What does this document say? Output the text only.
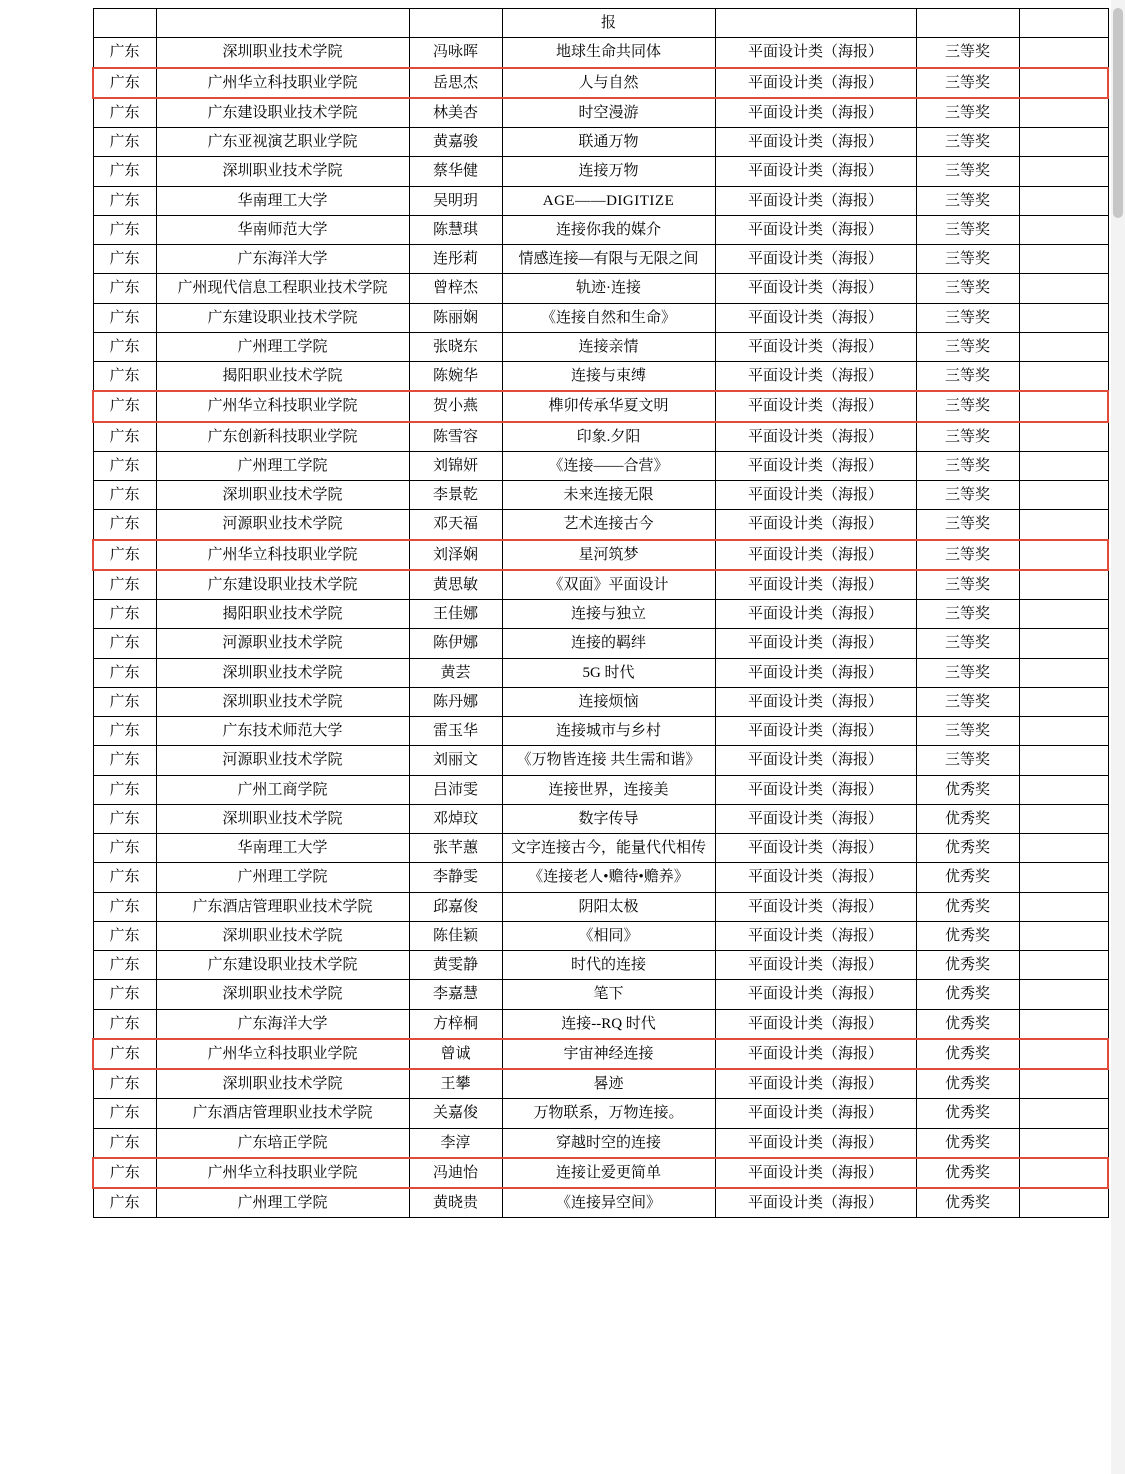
			报			
广东	深圳职业技术学院	冯咏晖	地球生命共同体	平面设计类（海报）	三等奖	
广东	广州华立科技职业学院	岳思杰	人与自然	平面设计类（海报）	三等奖	
广东	广东建设职业技术学院	林美杏	时空漫游	平面设计类（海报）	三等奖	
广东	广东亚视演艺职业学院	黄嘉骏	联通万物	平面设计类（海报）	三等奖	
广东	深圳职业技术学院	蔡华健	连接万物	平面设计类（海报）	三等奖	
广东	华南理工大学	吴明玥	AGE——DIGITIZE	平面设计类（海报）	三等奖	
广东	华南师范大学	陈慧琪	连接你我的媒介	平面设计类（海报）	三等奖	
广东	广东海洋大学	连彤莉	情感连接—有限与无限之间	平面设计类（海报）	三等奖	
广东	广州现代信息工程职业技术学院	曾梓杰	轨迹·连接	平面设计类（海报）	三等奖	
广东	广东建设职业技术学院	陈丽娴	《连接自然和生命》	平面设计类（海报）	三等奖	
广东	广州理工学院	张晓东	连接亲情	平面设计类（海报）	三等奖	
广东	揭阳职业技术学院	陈婉华	连接与束缚	平面设计类（海报）	三等奖	
广东	广州华立科技职业学院	贺小燕	榫卯传承华夏文明	平面设计类（海报）	三等奖	
广东	广东创新科技职业学院	陈雪容	印象.夕阳	平面设计类（海报）	三等奖	
广东	广州理工学院	刘锦妍	《连接——合营》	平面设计类（海报）	三等奖	
广东	深圳职业技术学院	李景乾	未来连接无限	平面设计类（海报）	三等奖	
广东	河源职业技术学院	邓天福	艺术连接古今	平面设计类（海报）	三等奖	
广东	广州华立科技职业学院	刘泽娴	星河筑梦	平面设计类（海报）	三等奖	
广东	广东建设职业技术学院	黄思敏	《双面》平面设计	平面设计类（海报）	三等奖	
广东	揭阳职业技术学院	王佳娜	连接与独立	平面设计类（海报）	三等奖	
广东	河源职业技术学院	陈伊娜	连接的羁绊	平面设计类（海报）	三等奖	
广东	深圳职业技术学院	黄芸	5G 时代	平面设计类（海报）	三等奖	
广东	深圳职业技术学院	陈丹娜	连接烦恼	平面设计类（海报）	三等奖	
广东	广东技术师范大学	雷玉华	连接城市与乡村	平面设计类（海报）	三等奖	
广东	河源职业技术学院	刘丽文	《万物皆连接 共生需和谐》	平面设计类（海报）	三等奖	
广东	广州工商学院	吕沛雯	连接世界，连接美	平面设计类（海报）	优秀奖	
广东	深圳职业技术学院	邓焯玟	数字传导	平面设计类（海报）	优秀奖	
广东	华南理工大学	张芊蕙	文字连接古今，能量代代相传	平面设计类（海报）	优秀奖	
广东	广州理工学院	李静雯	《连接老人•赡待•赡养》	平面设计类（海报）	优秀奖	
广东	广东酒店管理职业技术学院	邱嘉俊	阴阳太极	平面设计类（海报）	优秀奖	
广东	深圳职业技术学院	陈佳颖	《相同》	平面设计类（海报）	优秀奖	
广东	广东建设职业技术学院	黄雯静	时代的连接	平面设计类（海报）	优秀奖	
广东	深圳职业技术学院	李嘉慧	笔下	平面设计类（海报）	优秀奖	
广东	广东海洋大学	方梓桐	连接--RQ 时代	平面设计类（海报）	优秀奖	
广东	广州华立科技职业学院	曾诚	宇宙神经连接	平面设计类（海报）	优秀奖	
广东	深圳职业技术学院	王攀	晷迹	平面设计类（海报）	优秀奖	
广东	广东酒店管理职业技术学院	关嘉俊	万物联系，万物连接。	平面设计类（海报）	优秀奖	
广东	广东培正学院	李淳	穿越时空的连接	平面设计类（海报）	优秀奖	
广东	广州华立科技职业学院	冯迪怡	连接让爱更简单	平面设计类（海报）	优秀奖	
广东	广州理工学院	黄晓贵	《连接异空间》	平面设计类（海报）	优秀奖	
